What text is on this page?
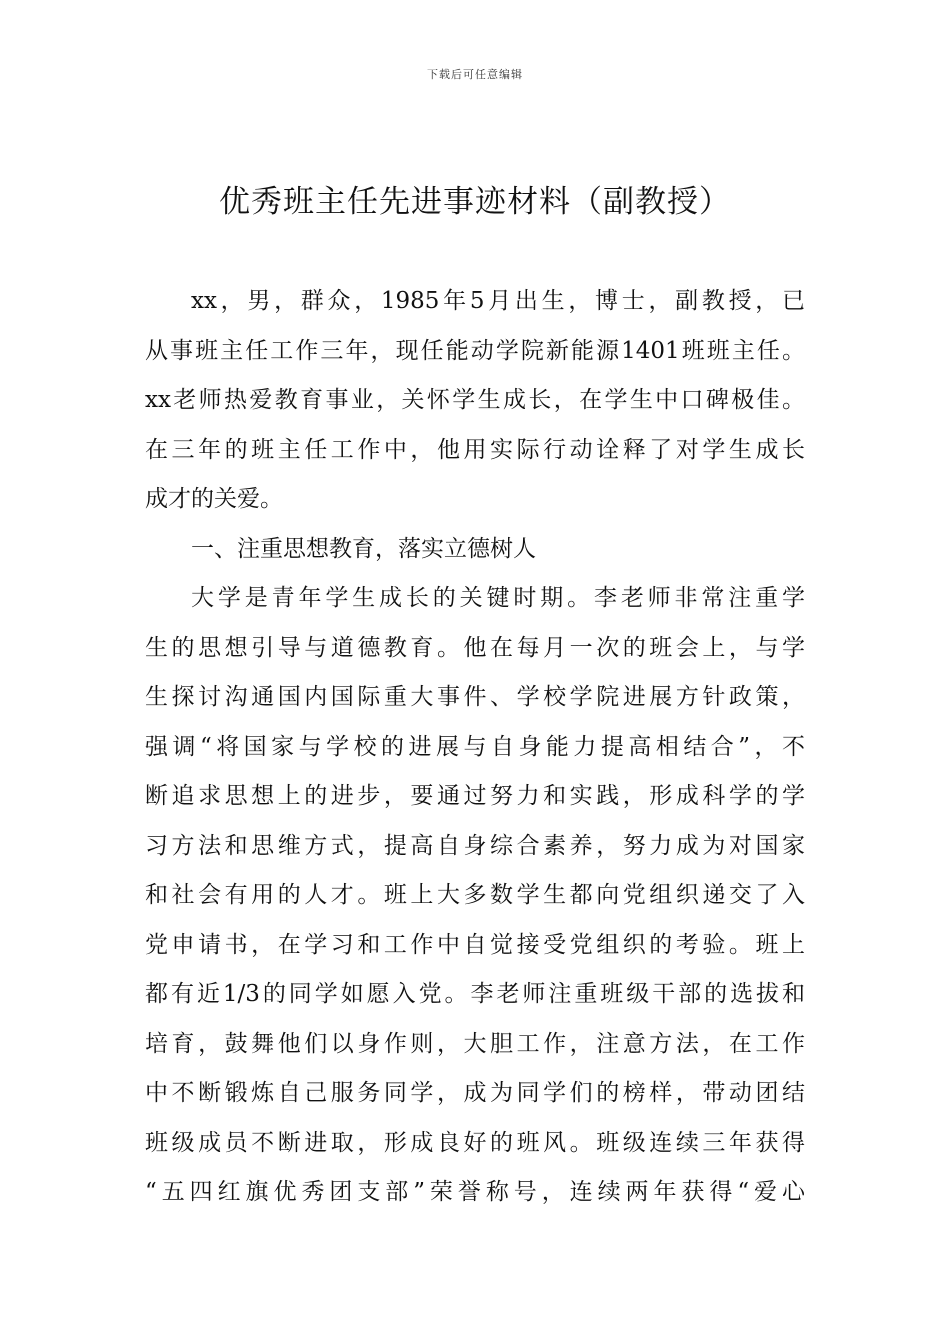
下载后可任意编辑
优秀班主任先进事迹材料（副教授）
xx，男，群众，1985年5月出生，博士，副教授，已
从事班主任工作三年，现任能动学院新能源1401班班主任。
xx老师热爱教育事业，关怀学生成长，在学生中口碑极佳。
在三年的班主任工作中，他用实际行动诠释了对学生成长
成才的关爱。
一、注重思想教育，落实立德树人
大学是青年学生成长的关键时期。李老师非常注重学
生的思想引导与道德教育。他在每月一次的班会上，与学
生探讨沟通国内国际重大事件、学校学院进展方针政策，
强调“将国家与学校的进展与自身能力提高相结合”，不
断追求思想上的进步，要通过努力和实践，形成科学的学
习方法和思维方式，提高自身综合素养，努力成为对国家
和社会有用的人才。班上大多数学生都向党组织递交了入
党申请书，在学习和工作中自觉接受党组织的考验。班上
都有近1/3的同学如愿入党。李老师注重班级干部的选拔和
培育，鼓舞他们以身作则，大胆工作，注意方法，在工作
中不断锻炼自己服务同学，成为同学们的榜样，带动团结
班级成员不断进取，形成良好的班风。班级连续三年获得
“五四红旗优秀团支部”荣誉称号，连续两年获得“爱心
